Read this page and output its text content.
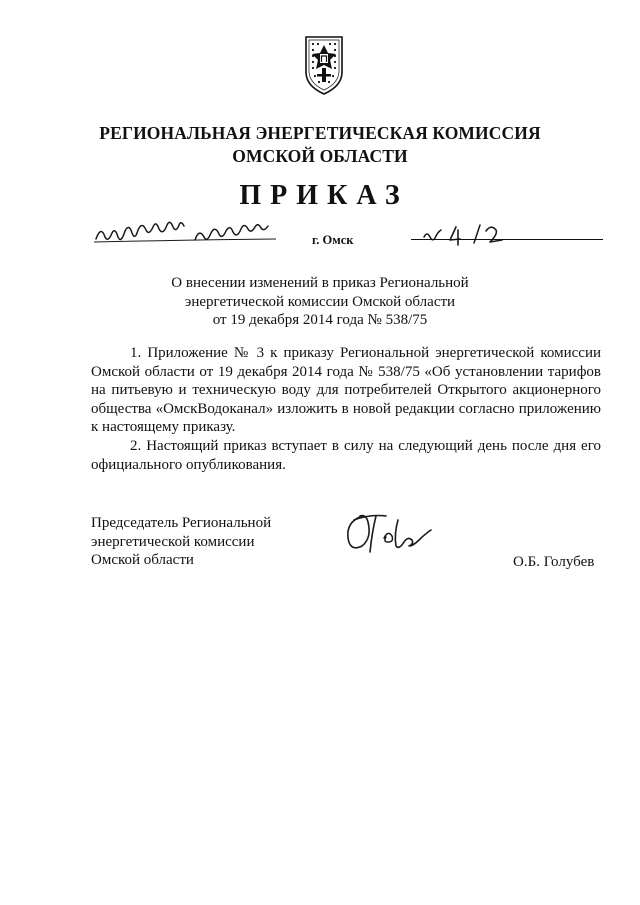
РЕГИОНАЛЬНАЯ ЭНЕРГЕТИЧЕСКАЯ КОМИССИЯ
ОМСКОЙ ОБЛАСТИ
ПРИКАЗ
г. Омск
О внесении изменений в приказ Региональной
энергетической комиссии Омской области
от 19 декабря 2014 года № 538/75

1. Приложение № 3 к приказу Региональной энергетической комиссии Омской области от 19 декабря 2014 года № 538/75 «Об установлении тарифов на питьевую и техническую воду для потребителей Открытого акционерного общества «ОмскВодоканал» изложить в новой редакции согласно приложению к настоящему приказу.

2. Настоящий приказ вступает в силу на следующий день после дня его официального опубликования.

Председатель Региональной
энергетической комиссии
Омской области	О.Б. Голубев
